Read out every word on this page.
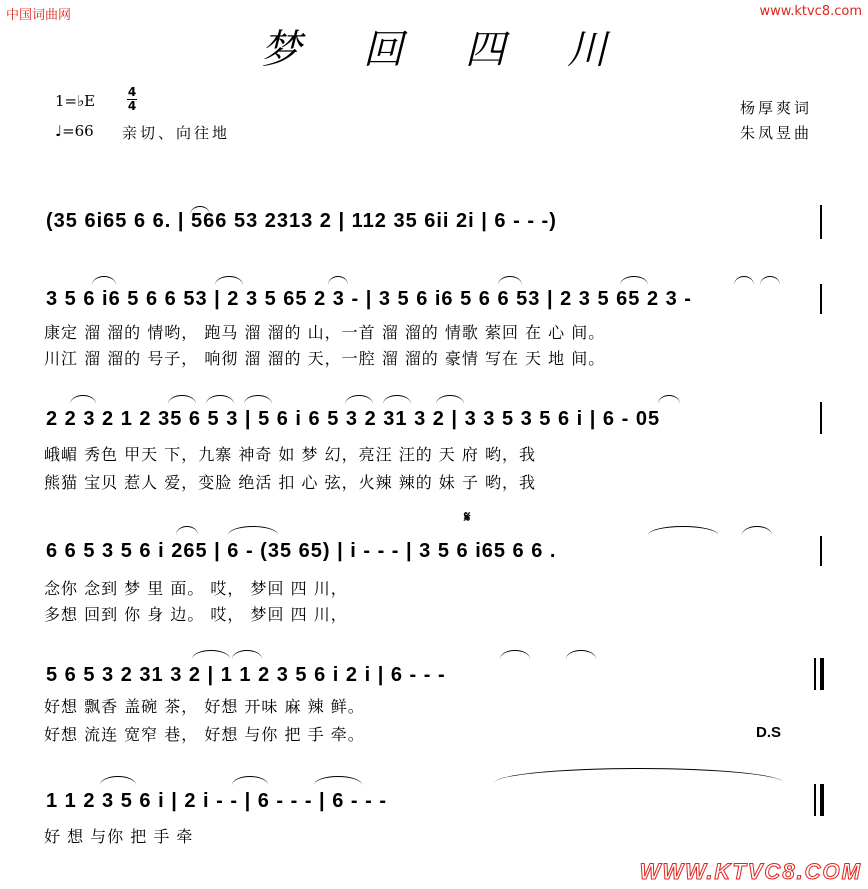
中国词曲网	www.ktvc8.com
梦回四川
1=♭E	4
4
♩=66 亲切、向往地
杨厚爽词
朱凤昱曲
(35 6i65 6 6. | 566 53 2313 2 | 112 35 6ii 2i | 6 - - -)
3 5 6 i6 5 6 6 53 | 2 3 5 65 2 3 - | 3 5 6 i6 5 6 6 53 | 2 3 5 65 2 3 -
康定 溜 溜的 情哟， 跑马 溜 溜的 山，一首 溜 溜的 情歌 萦回 在 心 间。
川江 溜 溜的 号子， 响彻 溜 溜的 天，一腔 溜 溜的 豪情 写在 天 地 间。
2 2 3 2 1 2 35 6 5 3 | 5 6 i 6 5 3 2 31 3 2 | 3 3 5 3 5 6 i | 6 - 05
峨嵋 秀色 甲天 下，九寨 神奇 如 梦 幻，亮汪 汪的 天 府 哟，我
熊猫 宝贝 惹人 爱，变脸 绝活 扣 心 弦，火辣 辣的 妹 子 哟，我
6 6 5 3 5 6 i 265 | 6 - (35 65) | i - - - | 3 5 6 i65 6 6 .
念你 念到 梦 里 面。 哎， 梦回 四 川，
多想 回到 你 身 边。 哎， 梦回 四 川，
𝄋
5 6 5 3 2 31 3 2 | 1 1 2 3 5 6 i 2 i | 6 - - -
好想 飘香 盖碗 茶， 好想 开味 麻 辣 鲜。
好想 流连 宽窄 巷， 好想 与你 把 手 牵。	D.S
1 1 2 3 5 6 i | 2 i - - | 6 - - - | 6 - - -
好 想 与你 把 手 牵
WWW.KTVC8.COM
